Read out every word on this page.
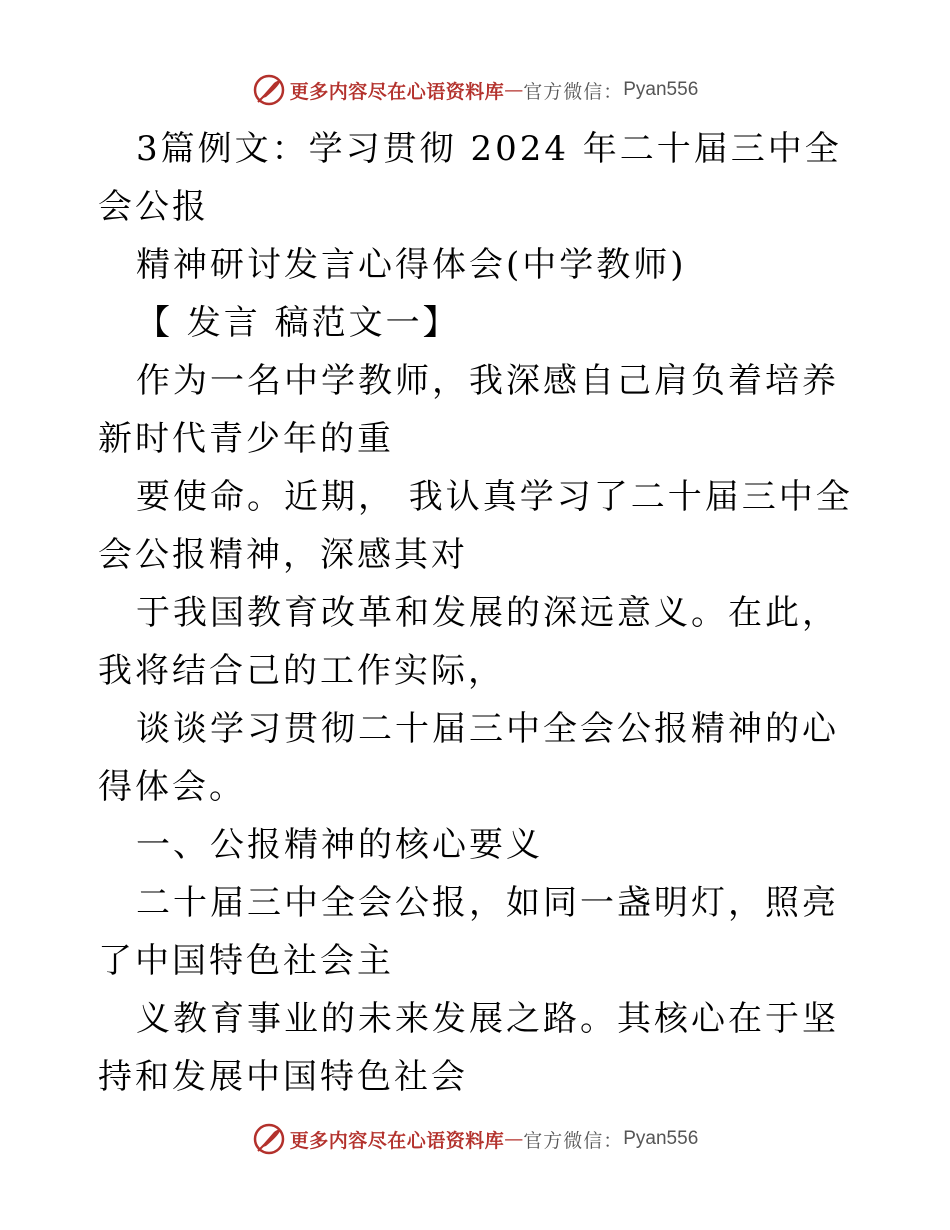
更多内容尽在心语资料库 — 官方微信： Pyan556

3篇例文：学习贯彻 2024 年二十届三中全会公报

精神研讨发言心得体会(中学教师)

【 发言 稿范文一】

作为一名中学教师，我深感自己肩负着培养新时代青少年的重

要使命。近期， 我认真学习了二十届三中全会公报精神，深感其对

于我国教育改革和发展的深远意义。在此，我将结合己的工作实际，

谈谈学习贯彻二十届三中全会公报精神的心得体会。

一、公报精神的核心要义

二十届三中全会公报，如同一盏明灯，照亮了中国特色社会主

义教育事业的未来发展之路。其核心在于坚持和发展中国特色社会

更多内容尽在心语资料库 — 官方微信： Pyan556
